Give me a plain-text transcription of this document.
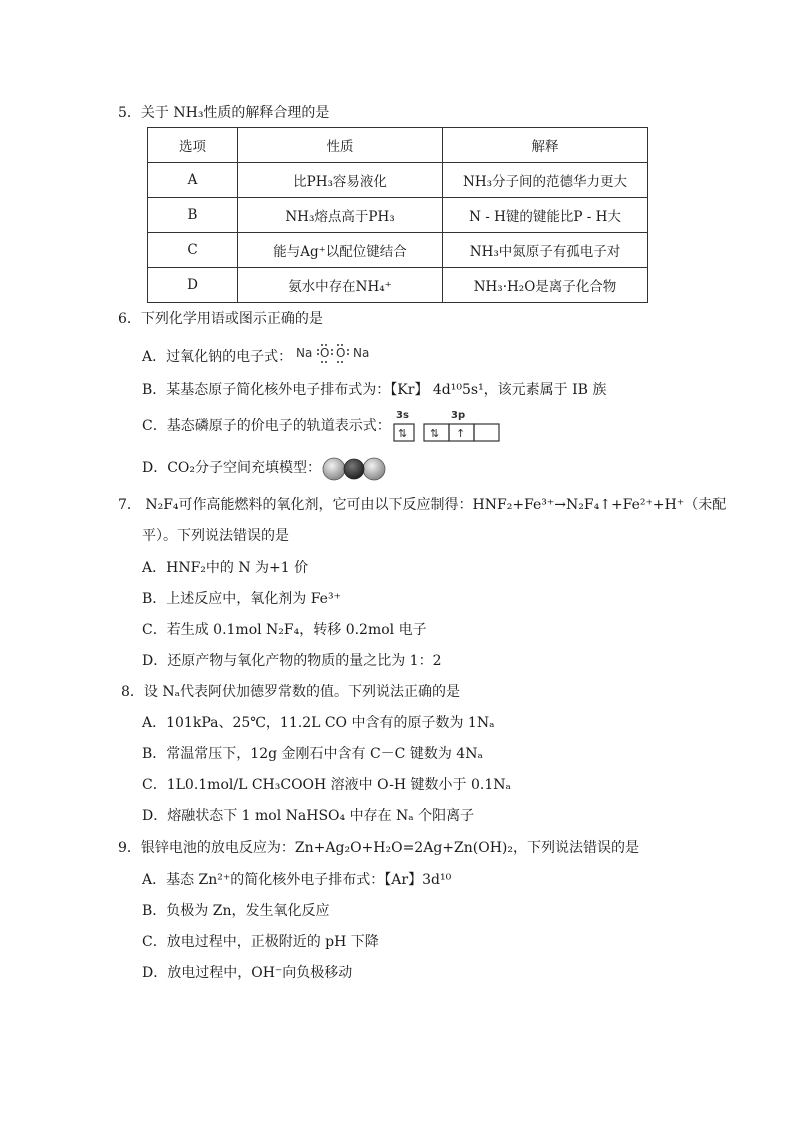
5．关于 NH₃性质的解释合理的是
选项	性质	解释
A	比PH₃容易液化	NH₃分子间的范德华力更大
B	NH₃熔点高于PH₃	N - H键的键能比P - H大
C	能与Ag⁺以配位键结合	NH₃中氮原子有孤电子对
D	氨水中存在NH₄⁺	NH₃·H₂O是离子化合物
6．下列化学用语或图示正确的是
A．过氧化钠的电子式： Na O O Na
B．某基态原子简化核外电子排布式为：【Kr】 4d¹⁰5s¹，该元素属于 IB 族
C．基态磷原子的价电子的轨道表示式：
3s	3p
⇅ ⇅ ↑
D．CO₂分子空间充填模型：
7． N₂F₄可作高能燃料的氧化剂，它可由以下反应制得：HNF₂+Fe³⁺→N₂F₄↑+Fe²⁺+H⁺（未配
平）。下列说法错误的是
A．HNF₂中的 N 为+1 价
B．上述反应中，氧化剂为 Fe³⁺
C．若生成 0.1mol N₂F₄，转移 0.2mol 电子
D．还原产物与氧化产物的物质的量之比为 1：2
8．设 Nₐ代表阿伏加德罗常数的值。下列说法正确的是
A．101kPa、25℃，11.2L CO 中含有的原子数为 1Nₐ
B．常温常压下，12g 金刚石中含有 C－C 键数为 4Nₐ
C．1L0.1mol/L CH₃COOH 溶液中 O-H 键数小于 0.1Nₐ
D．熔融状态下 1 mol NaHSO₄ 中存在 Nₐ 个阳离子
9．银锌电池的放电反应为：Zn+Ag₂O+H₂O=2Ag+Zn(OH)₂，下列说法错误的是
A．基态 Zn²⁺的简化核外电子排布式：【Ar】3d¹⁰
B．负极为 Zn，发生氧化反应
C．放电过程中，正极附近的 pH 下降
D．放电过程中，OH⁻向负极移动
